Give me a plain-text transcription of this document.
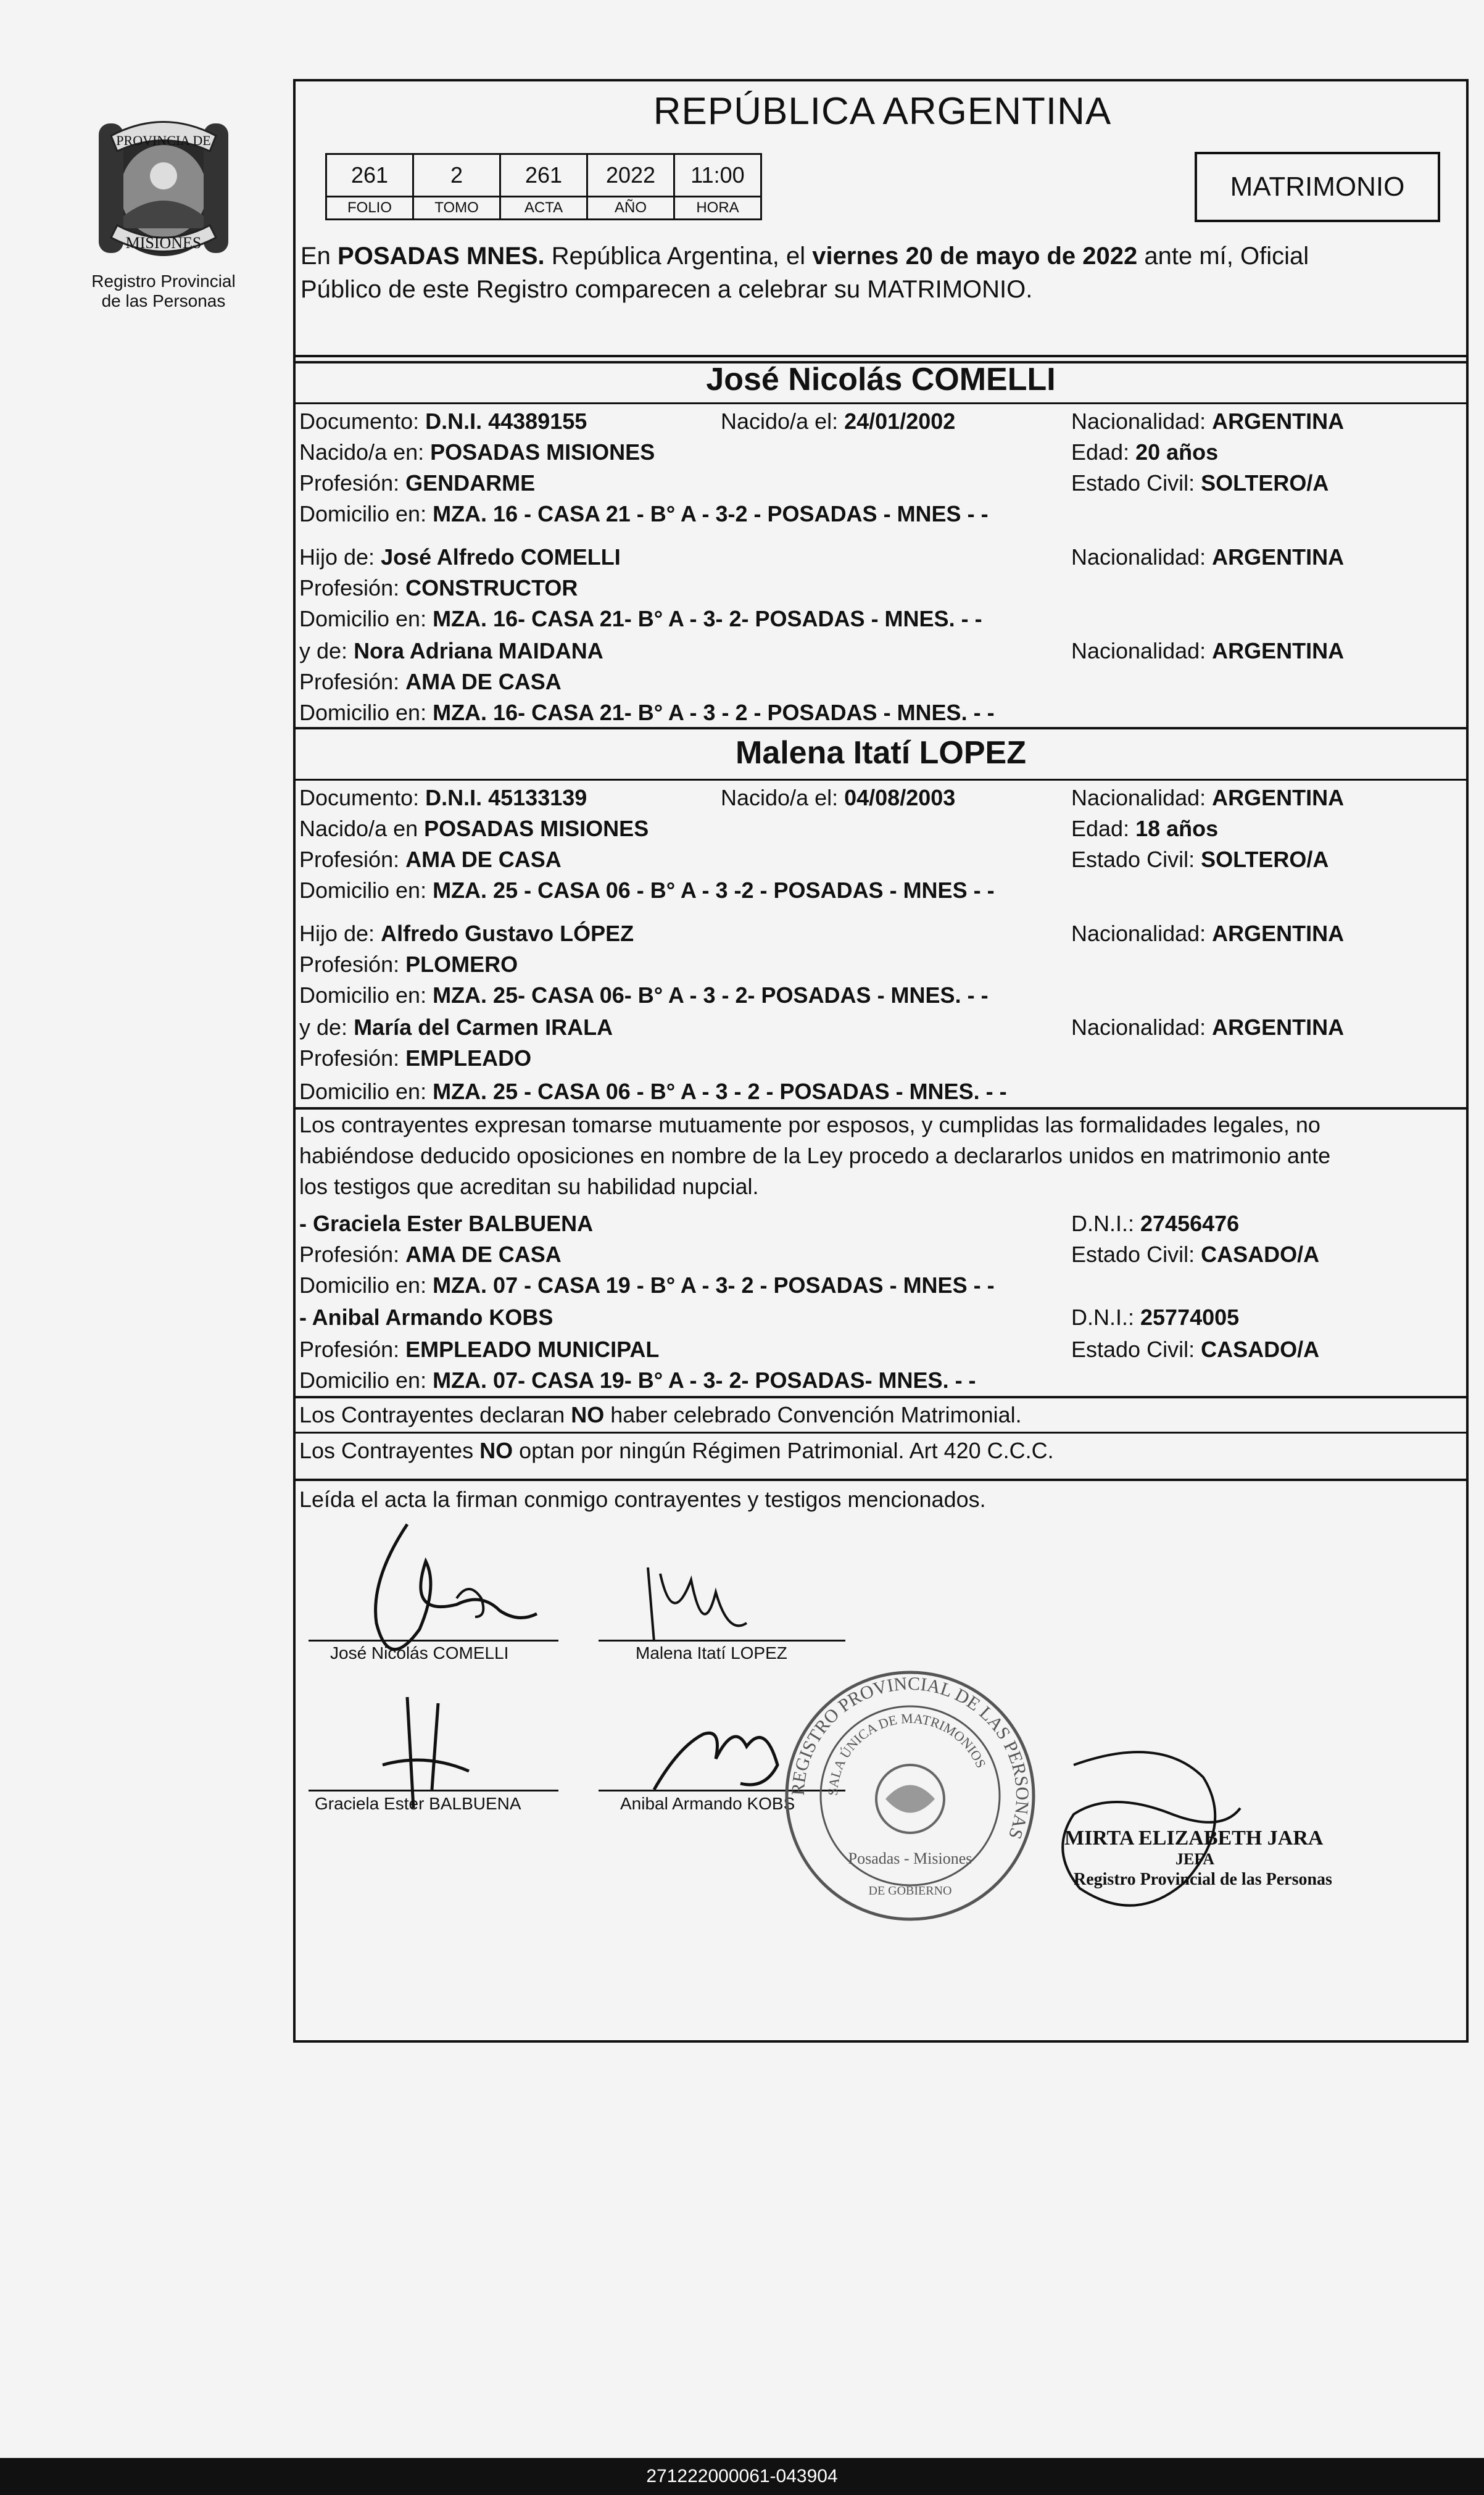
PROVINCIA DE
MISIONES
Registro Provincial
de las Personas
REPÚBLICA ARGENTINA
261	2	261	2022	11:00
FOLIO	TOMO	ACTA	AÑO	HORA
MATRIMONIO
En POSADAS MNES. República Argentina, el viernes 20 de mayo de 2022 ante mí, Oficial
Público de este Registro comparecen a celebrar su MATRIMONIO.
José Nicolás COMELLI
Documento: D.N.I. 44389155	Nacido/a el: 24/01/2002	Nacionalidad: ARGENTINA
Nacido/a en: POSADAS MISIONES	Edad: 20 años
Profesión: GENDARME	Estado Civil: SOLTERO/A
Domicilio en: MZA. 16 - CASA 21 - B° A - 3-2 - POSADAS - MNES - -
Hijo de: José Alfredo COMELLI	Nacionalidad: ARGENTINA
Profesión: CONSTRUCTOR
Domicilio en: MZA. 16- CASA 21- B° A - 3- 2- POSADAS - MNES. - -
y de: Nora Adriana MAIDANA	Nacionalidad: ARGENTINA
Profesión: AMA DE CASA
Domicilio en: MZA. 16- CASA 21- B° A - 3 - 2 - POSADAS - MNES. - -
Malena Itatí LOPEZ
Documento: D.N.I. 45133139	Nacido/a el: 04/08/2003	Nacionalidad: ARGENTINA
Nacido/a en POSADAS MISIONES	Edad: 18 años
Profesión: AMA DE CASA	Estado Civil: SOLTERO/A
Domicilio en: MZA. 25 - CASA 06 - B° A - 3 -2 - POSADAS - MNES - -
Hijo de: Alfredo Gustavo LÓPEZ	Nacionalidad: ARGENTINA
Profesión: PLOMERO
Domicilio en: MZA. 25- CASA 06- B° A - 3 - 2- POSADAS - MNES. - -
y de: María del Carmen IRALA	Nacionalidad: ARGENTINA
Profesión: EMPLEADO
Domicilio en: MZA. 25 - CASA 06 - B° A - 3 - 2 - POSADAS - MNES. - -
Los contrayentes expresan tomarse mutuamente por esposos, y cumplidas las formalidades legales, no
habiéndose deducido oposiciones en nombre de la Ley procedo a declararlos unidos en matrimonio ante
los testigos que acreditan su habilidad nupcial.
- Graciela Ester BALBUENA	D.N.I.: 27456476
Profesión: AMA DE CASA	Estado Civil: CASADO/A
Domicilio en: MZA. 07 - CASA 19 - B° A - 3- 2 - POSADAS - MNES - -
- Anibal Armando KOBS	D.N.I.: 25774005
Profesión: EMPLEADO MUNICIPAL	Estado Civil: CASADO/A
Domicilio en: MZA. 07- CASA 19- B° A - 3- 2- POSADAS- MNES. - -
Los Contrayentes declaran NO haber celebrado Convención Matrimonial.
Los Contrayentes NO optan por ningún Régimen Patrimonial. Art 420 C.C.C.
Leída el acta la firman conmigo contrayentes y testigos mencionados.
José Nicolás COMELLI	Malena Itatí LOPEZ
Graciela Ester BALBUENA	Anibal Armando KOBS
REGISTRO PROVINCIAL DE LAS PERSONAS
SALA ÚNICA DE MATRIMONIOS
Posadas - Misiones
DE GOBIERNO
MIRTA ELIZABETH JARA
JEFA
Registro Provincial de las Personas
271222000061-043904
